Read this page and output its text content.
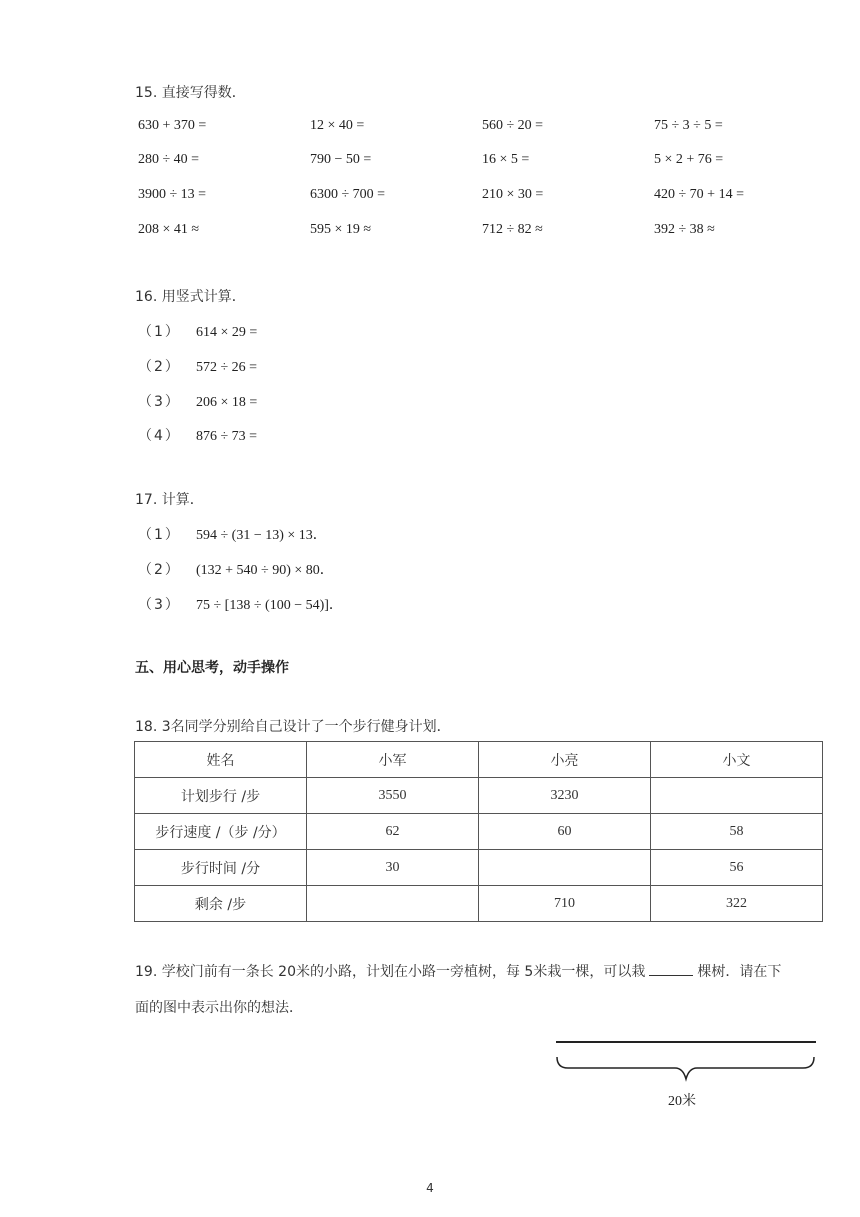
15. 直接写得数．
630 + 370 =	12 × 40 =	560 ÷ 20 =	75 ÷ 3 ÷ 5 =
280 ÷ 40 =	790 − 50 =	16 × 5 =	5 × 2 + 76 =
3900 ÷ 13 =	6300 ÷ 700 =	210 × 30 =	420 ÷ 70 + 14 =
208 × 41 ≈	595 × 19 ≈	712 ÷ 82 ≈	392 ÷ 38 ≈
16. 用竖式计算．
（1）	614 × 29 =
（2）	572 ÷ 26 =
（3）	206 × 18 =
（4）	876 ÷ 73 =
17. 计算．
（1）	594 ÷ (31 − 13) × 13．
（2）	(132 + 540 ÷ 90) × 80．
（3）	75 ÷ [138 ÷ (100 − 54)]．
五、用心思考，动手操作
18. 3名同学分别给自己设计了一个步行健身计划．
姓名	小军	小亮	小文
计划步行 /步	3550	3230	
步行速度 /（步 /分）	62	60	58
步行时间 /分	30		56
剩余 /步		710	322
19. 学校门前有一条长 20米的小路，计划在小路一旁植树，每 5米栽一棵，可以栽	棵树．请在下
面的图中表示出你的想法．
20米
4
